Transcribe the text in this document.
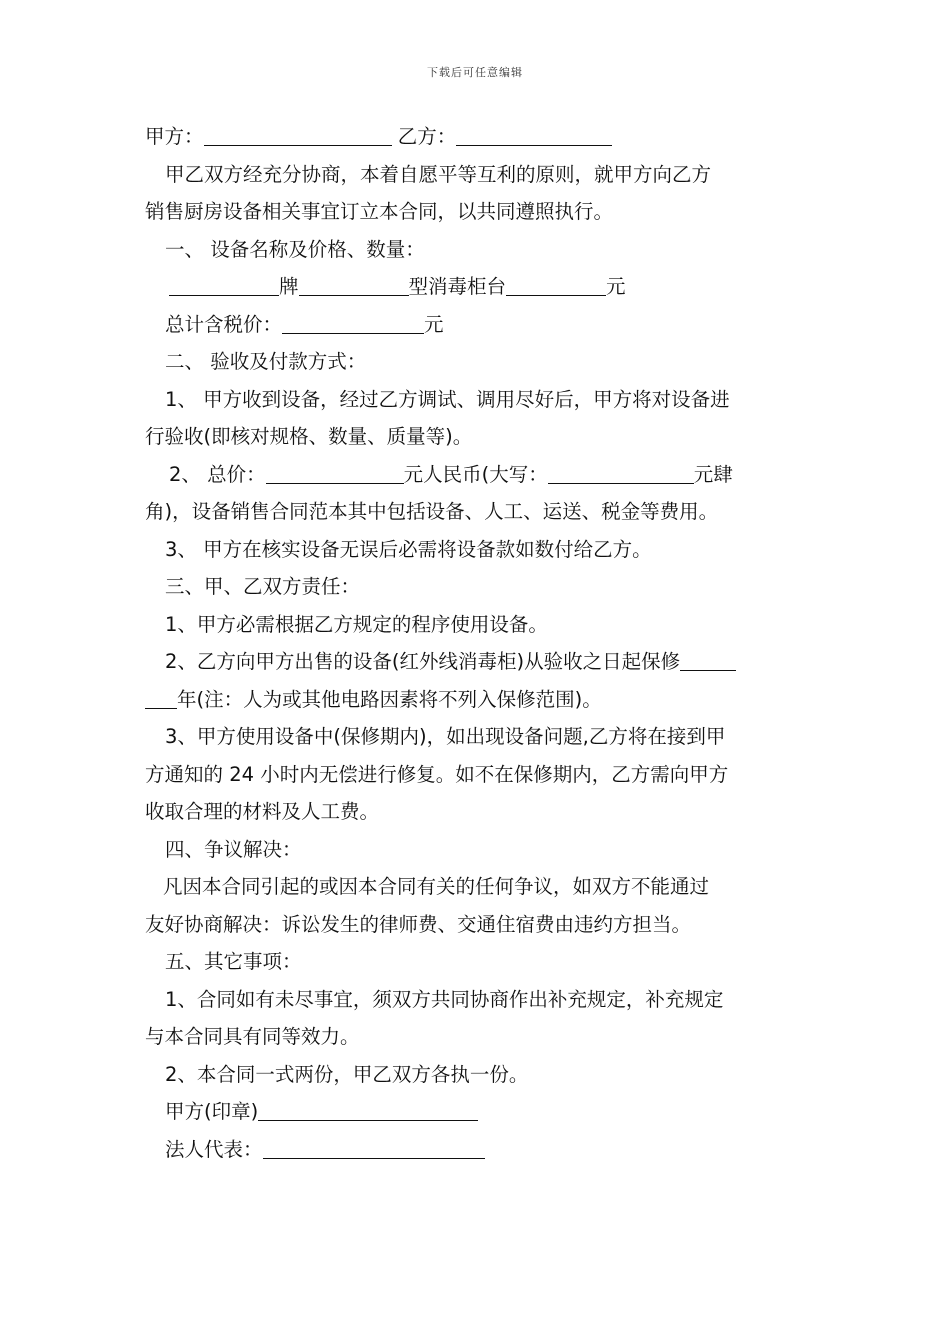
下载后可任意编辑
甲方：	乙方：
甲乙双方经充分协商，本着自愿平等互利的原则，就甲方向乙方
销售厨房设备相关事宜订立本合同，以共同遵照执行。
一、 设备名称及价格、数量：
牌	型消毒柜台	元
总计含税价：	元
二、 验收及付款方式：
1、 甲方收到设备，经过乙方调试、调用尽好后，甲方将对设备进
行验收(即核对规格、数量、质量等)。
2、 总价：	元人民币(大写：	元肆
角)，设备销售合同范本其中包括设备、人工、运送、税金等费用。
3、 甲方在核实设备无误后必需将设备款如数付给乙方。
三、甲、乙双方责任：
1、甲方必需根据乙方规定的程序使用设备。
2、乙方向甲方出售的设备(红外线消毒柜)从验收之日起保修
年(注：人为或其他电路因素将不列入保修范围)。
3、甲方使用设备中(保修期内)，如出现设备问题,乙方将在接到甲
方通知的 24 小时内无偿进行修复。如不在保修期内，乙方需向甲方
收取合理的材料及人工费。
四、争议解决：
凡因本合同引起的或因本合同有关的任何争议，如双方不能通过
友好协商解决：诉讼发生的律师费、交通住宿费由违约方担当。
五、其它事项：
1、合同如有未尽事宜，须双方共同协商作出补充规定，补充规定
与本合同具有同等效力。
2、本合同一式两份，甲乙双方各执一份。
甲方(印章)
法人代表：
